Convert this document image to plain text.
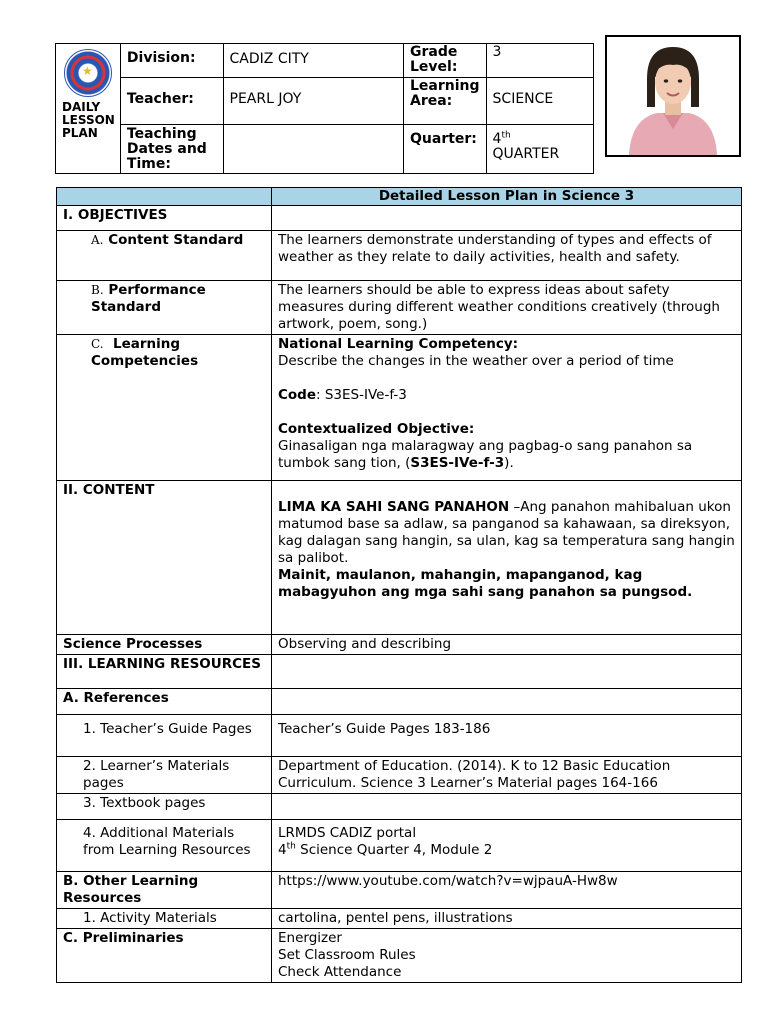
★
DAILY
LESSON
PLAN	Division:	CADIZ CITY	Grade Level:	3
	Teacher:	PEARL JOY	Learning Area:	SCIENCE
	Teaching Dates and Time:		Quarter:	4th
QUARTER
	Detailed Lesson Plan in Science 3
I. OBJECTIVES	
A. Content Standard	The learners demonstrate understanding of types and effects of weather as they relate to daily activities, health and safety.
B. Performance Standard	The learners should be able to express ideas about safety measures during different weather conditions creatively (through artwork, poem, song.)
C. Learning Competencies	National Learning Competency:
Describe the changes in the weather over a period of time
Code: S3ES-IVe-f-3
Contextualized Objective:
Ginasaligan nga malaragway ang pagbag-o sang panahon sa tumbok sang tion, (S3ES-IVe-f-3).

II. CONTENT	LIMA KA SAHI SANG PANAHON –Ang panahon mahibaluan ukon matumod base sa adlaw, sa panganod sa kahawaan, sa direksyon, kag dalagan sang hangin, sa ulan, kag sa temperatura sang hangin sa palibot.
Mainit, maulanon, mahangin, mapanganod, kag mabagyuhon ang mga sahi sang panahon sa pungsod.

Science Processes	Observing and describing
III. LEARNING RESOURCES	
A. References	
1. Teacher’s Guide Pages	Teacher’s Guide Pages 183-186
2. Learner’s Materials pages	Department of Education. (2014). K to 12 Basic Education Curriculum. Science 3 Learner’s Material pages 164-166
3. Textbook pages	
4. Additional Materials from Learning Resources	LRMDS CADIZ portal
4th Science Quarter 4, Module 2

B. Other Learning Resources	https://www.youtube.com/watch?v=wjpauA-Hw8w
1. Activity Materials	cartolina, pentel pens, illustrations
C. Preliminaries	Energizer
Set Classroom Rules
Check Attendance
